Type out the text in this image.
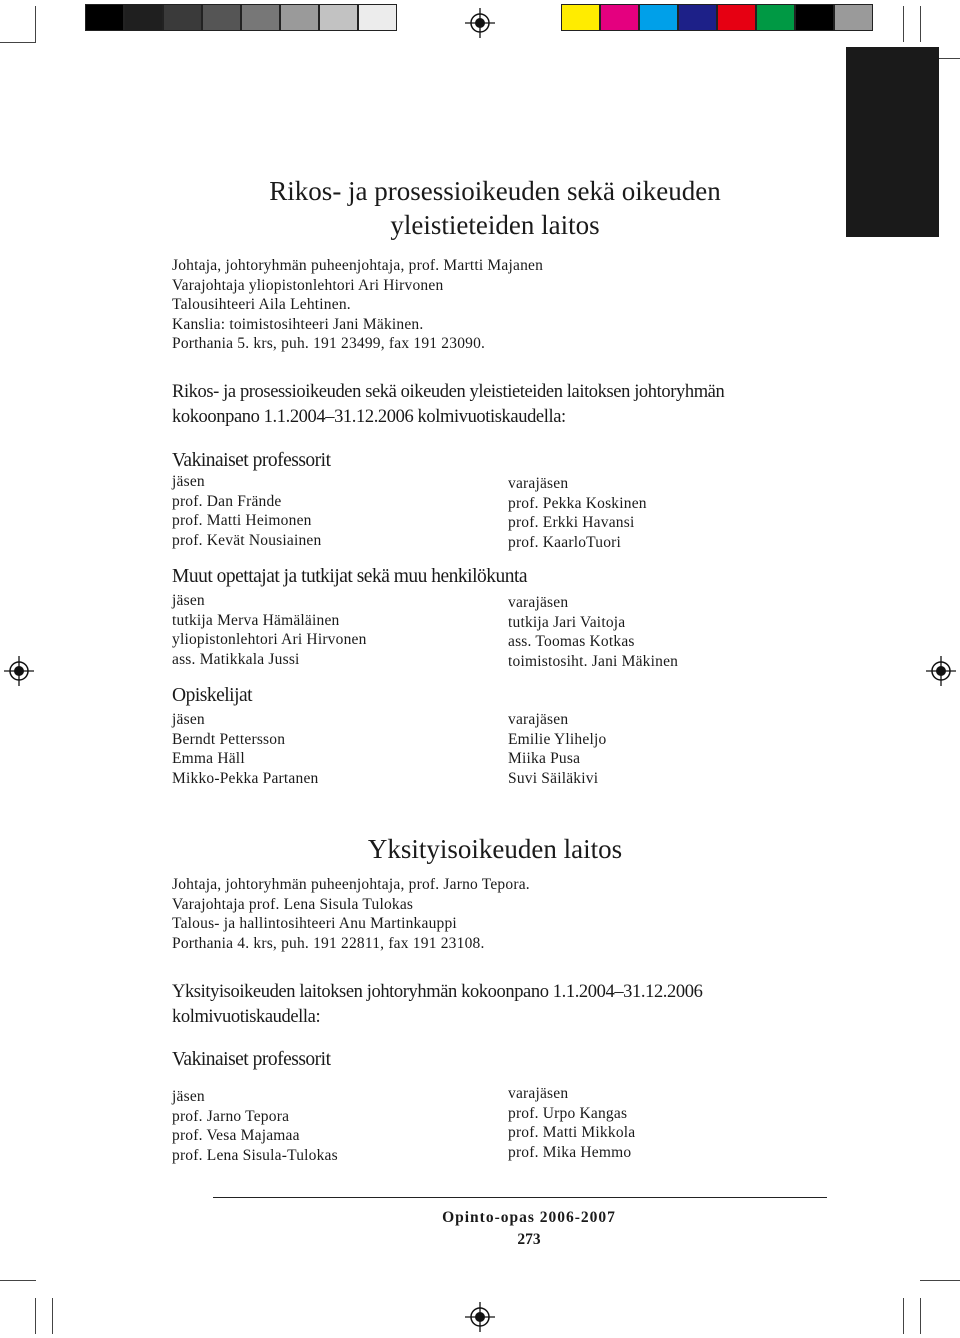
Rikos- ja prosessioikeuden sekä oikeuden
yleistieteiden laitos
Johtaja, johtoryhmän puheenjohtaja, prof. Martti Majanen
Varajohtaja yliopistonlehtori Ari Hirvonen
Talousihteeri Aila Lehtinen.
Kanslia: toimistosihteeri Jani Mäkinen.
Porthania 5. krs, puh. 191 23499, fax 191 23090.
Rikos- ja prosessioikeuden sekä oikeuden yleistieteiden laitoksen johtoryhmän
kokoonpano 1.1.2004–31.12.2006 kolmivuotiskaudella:
Vakinaiset professorit
jäsen
prof. Dan Frände
prof. Matti Heimonen
prof. Kevät Nousiainen
varajäsen
prof. Pekka Koskinen
prof. Erkki Havansi
prof. KaarloTuori
Muut opettajat ja tutkijat sekä muu henkilökunta
jäsen
tutkija Merva Hämäläinen
yliopistonlehtori Ari Hirvonen
ass. Matikkala Jussi
varajäsen
tutkija Jari Vaitoja
ass. Toomas Kotkas
toimistosiht. Jani Mäkinen
Opiskelijat
jäsen
Berndt Pettersson
Emma Häll
Mikko-Pekka Partanen
varajäsen
Emilie Yliheljo
Miika Pusa
Suvi Säiläkivi
Yksityisoikeuden laitos
Johtaja, johtoryhmän puheenjohtaja, prof. Jarno Tepora.
Varajohtaja prof. Lena Sisula Tulokas
Talous- ja hallintosihteeri Anu Martinkauppi
Porthania 4. krs, puh. 191 22811, fax 191 23108.
Yksityisoikeuden laitoksen johtoryhmän kokoonpano 1.1.2004–31.12.2006
kolmivuotiskaudella:
Vakinaiset professorit
jäsen
prof. Jarno Tepora
prof. Vesa Majamaa
prof. Lena Sisula-Tulokas
varajäsen
prof. Urpo Kangas
prof. Matti Mikkola
prof. Mika Hemmo
Opinto-opas 2006-2007
273
